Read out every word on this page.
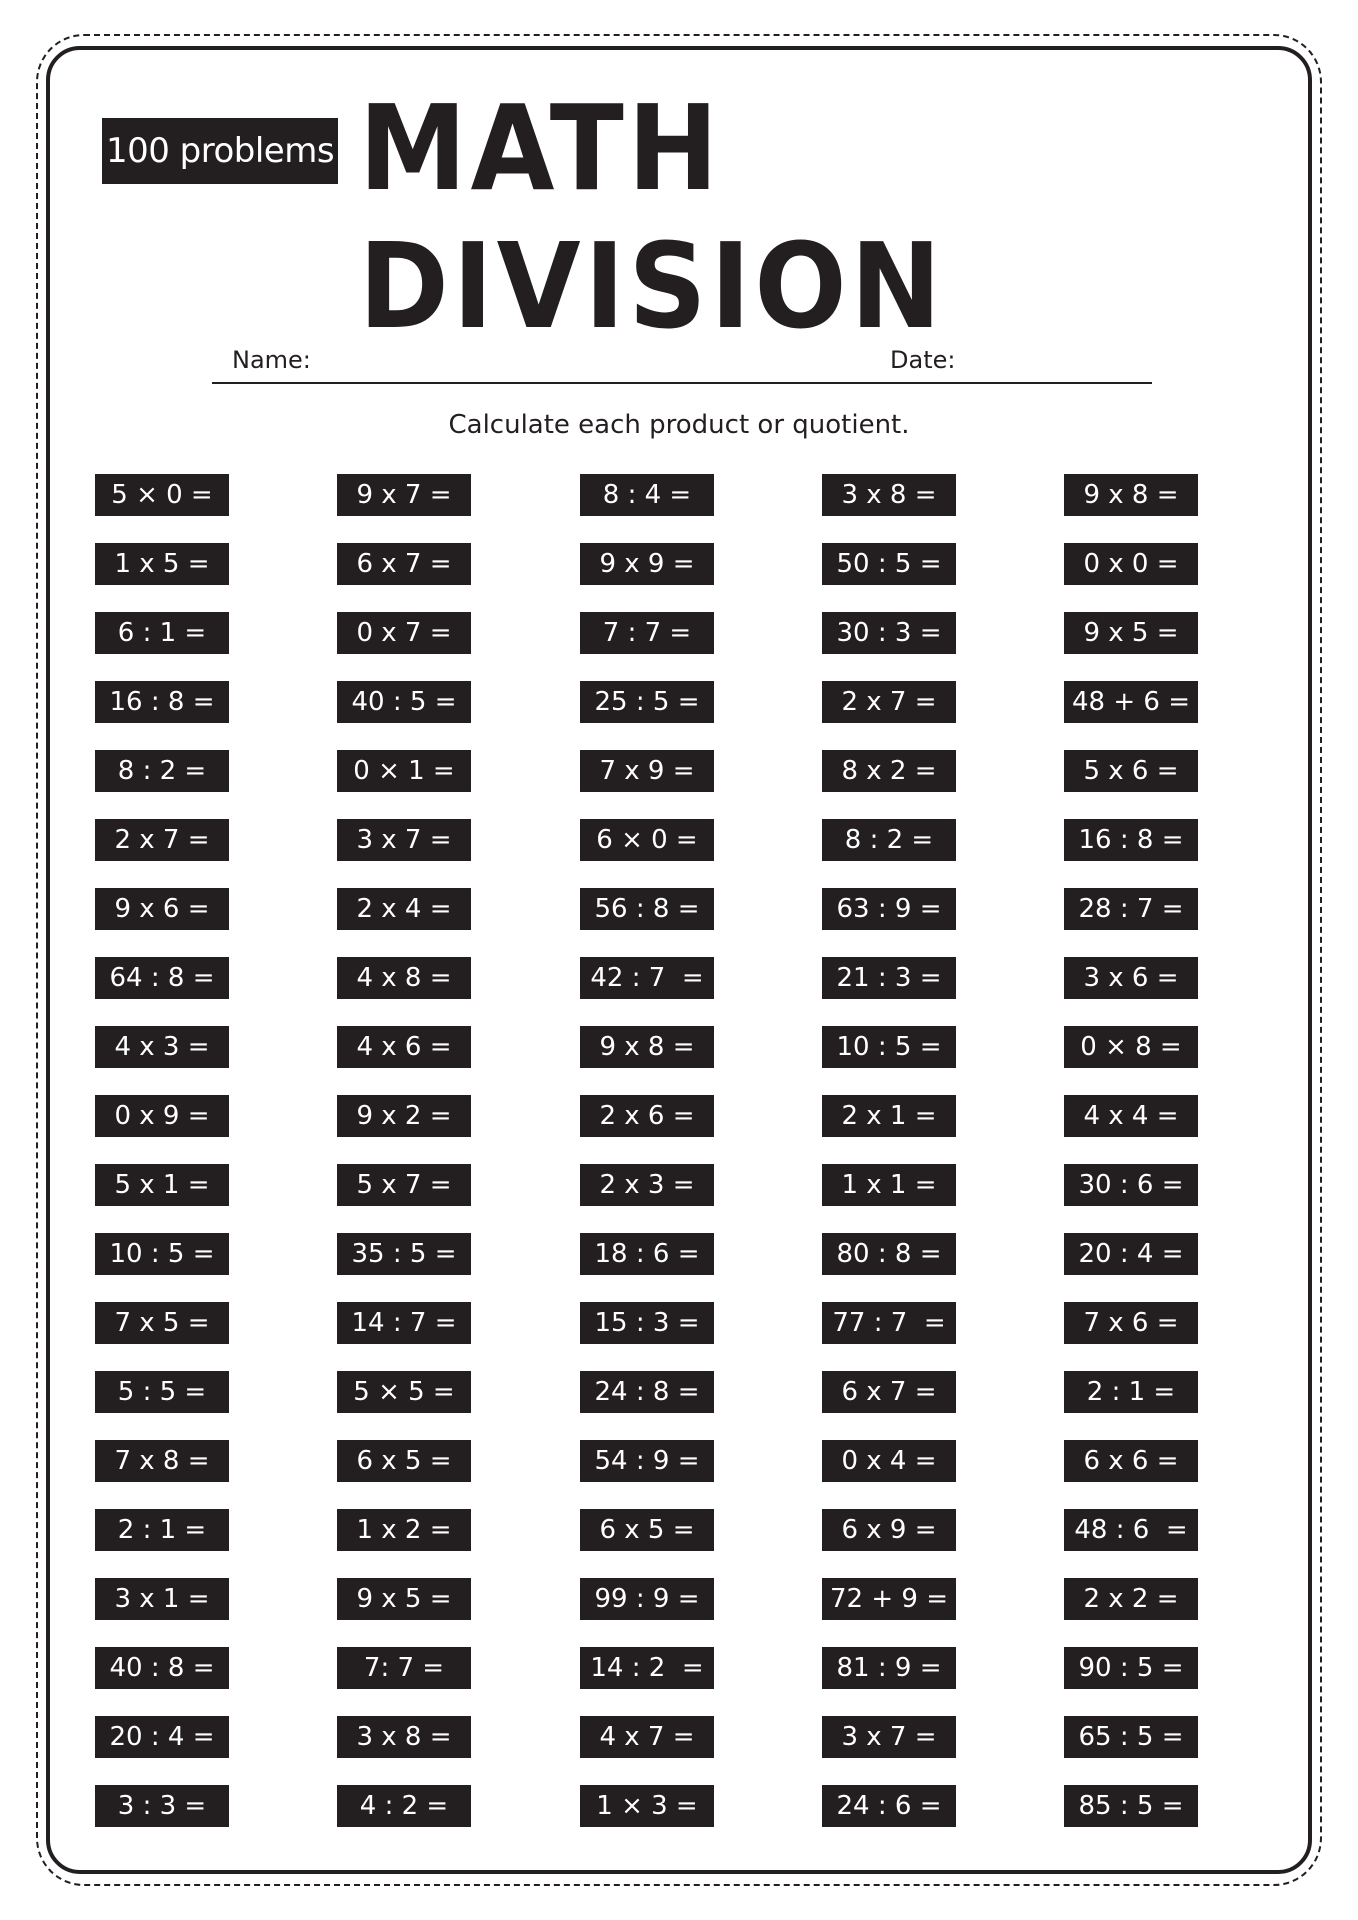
100 problems MATH DIVISION
Name:	Date:
Calculate each product or quotient.
5 × 0 =
1 x 5 =
6 : 1 =
16 : 8 =
8 : 2 =
2 x 7 =
9 x 6 =
64 : 8 =
4 x 3 =
0 x 9 =
5 x 1 =
10 : 5 =
7 x 5 =
5 : 5 =
7 x 8 =
2 : 1 =
3 x 1 =
40 : 8 =
20 : 4 =
3 : 3 =
9 x 7 =
6 x 7 =
0 x 7 =
40 : 5 =
0 × 1 =
3 x 7 =
2 x 4 =
4 x 8 =
4 x 6 =
9 x 2 =
5 x 7 =
35 : 5 =
14 : 7 =
5 × 5 =
6 x 5 =
1 x 2 =
9 x 5 =
7: 7 =
3 x 8 =
4 : 2 =
8 : 4 =
9 x 9 =
7 : 7 =
25 : 5 =
7 x 9 =
6 × 0 =
56 : 8 =
42 : 7  =
9 x 8 =
2 x 6 =
2 x 3 =
18 : 6 =
15 : 3 =
24 : 8 =
54 : 9 =
6 x 5 =
99 : 9 =
14 : 2  =
4 x 7 =
1 × 3 =
3 x 8 =
50 : 5 =
30 : 3 =
2 x 7 =
8 x 2 =
8 : 2 =
63 : 9 =
21 : 3 =
10 : 5 =
2 x 1 =
1 x 1 =
80 : 8 =
77 : 7  =
6 x 7 =
0 x 4 =
6 x 9 =
72 + 9 =
81 : 9 =
3 x 7 =
24 : 6 =
9 x 8 =
0 x 0 =
9 x 5 =
48 + 6 =
5 x 6 =
16 : 8 =
28 : 7 =
3 x 6 =
0 × 8 =
4 x 4 =
30 : 6 =
20 : 4 =
7 x 6 =
2 : 1 =
6 x 6 =
48 : 6  =
2 x 2 =
90 : 5 =
65 : 5 =
85 : 5 =
